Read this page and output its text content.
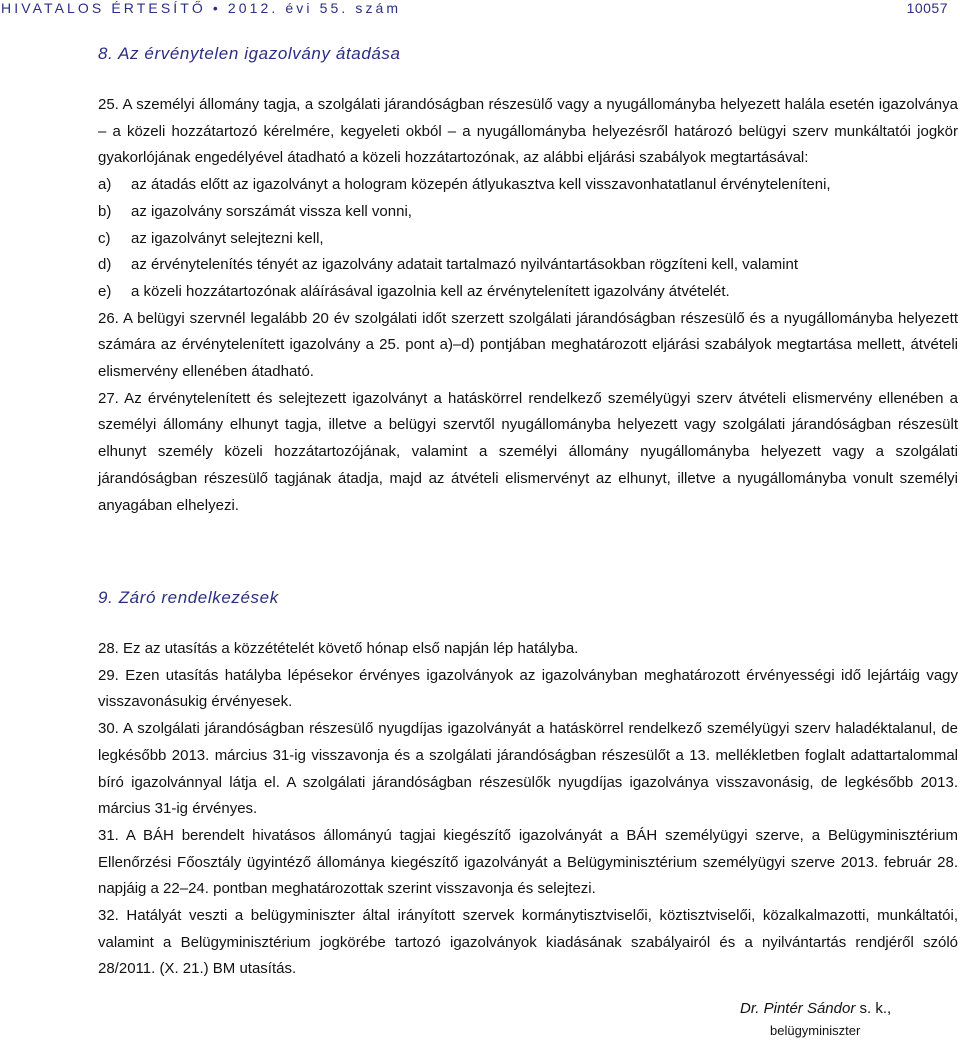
HIVATALOS ÉRTESÍTŐ • 2012. évi 55. szám	10057
8. Az érvénytelen igazolvány átadása

25. A személyi állomány tagja, a szolgálati járandóságban részesülő vagy a nyugállományba helyezett halála esetén igazolványa – a közeli hozzátartozó kérelmére, kegyeleti okból – a nyugállományba helyezésről határozó belügyi szerv munkáltatói jogkör gyakorlójának engedélyével átadható a közeli hozzátartozónak, az alábbi eljárási szabályok megtartásával:

a)	az átadás előtt az igazolványt a hologram közepén átlyukasztva kell visszavonhatatlanul érvényteleníteni,
b)	az igazolvány sorszámát vissza kell vonni,
c)	az igazolványt selejtezni kell,
d)	az érvénytelenítés tényét az igazolvány adatait tartalmazó nyilvántartásokban rögzíteni kell, valamint
e)	a közeli hozzátartozónak aláírásával igazolnia kell az érvénytelenített igazolvány átvételét.

26. A belügyi szervnél legalább 20 év szolgálati időt szerzett szolgálati járandóságban részesülő és a nyugállományba helyezett számára az érvénytelenített igazolvány a 25. pont a)–d) pontjában meghatározott eljárási szabályok megtartása mellett, átvételi elismervény ellenében átadható.

27. Az érvénytelenített és selejtezett igazolványt a hatáskörrel rendelkező személyügyi szerv átvételi elismervény ellenében a személyi állomány elhunyt tagja, illetve a belügyi szervtől nyugállományba helyezett vagy szolgálati járandóságban részesült elhunyt személy közeli hozzátartozójának, valamint a személyi állomány nyugállományba helyezett vagy a szolgálati járandóságban részesülő tagjának átadja, majd az átvételi elismervényt az elhunyt, illetve a nyugállományba vonult személyi anyagában elhelyezi.

9. Záró rendelkezések

28. Ez az utasítás a közzétételét követő hónap első napján lép hatályba.

29. Ezen utasítás hatályba lépésekor érvényes igazolványok az igazolványban meghatározott érvényességi idő lejártáig vagy visszavonásukig érvényesek.

30. A szolgálati járandóságban részesülő nyugdíjas igazolványát a hatáskörrel rendelkező személyügyi szerv haladéktalanul, de legkésőbb 2013. március 31-ig visszavonja és a szolgálati járandóságban részesülőt a 13. mellékletben foglalt adattartalommal bíró igazolvánnyal látja el. A szolgálati járandóságban részesülők nyugdíjas igazolványa visszavonásig, de legkésőbb 2013. március 31-ig érvényes.

31. A BÁH berendelt hivatásos állományú tagjai kiegészítő igazolványát a BÁH személyügyi szerve, a Belügyminisztérium Ellenőrzési Főosztály ügyintéző állománya kiegészítő igazolványát a Belügyminisztérium személyügyi szerve 2013. február 28. napjáig a 22–24. pontban meghatározottak szerint visszavonja és selejtezi.

32. Hatályát veszti a belügyminiszter által irányított szervek kormánytisztviselői, köztisztviselői, közalkalmazotti, munkáltatói, valamint a Belügyminisztérium jogkörébe tartozó igazolványok kiadásának szabályairól és a nyilvántartás rendjéről szóló 28/2011. (X. 21.) BM utasítás.

Dr. Pintér Sándor s. k.,
belügyminiszter
